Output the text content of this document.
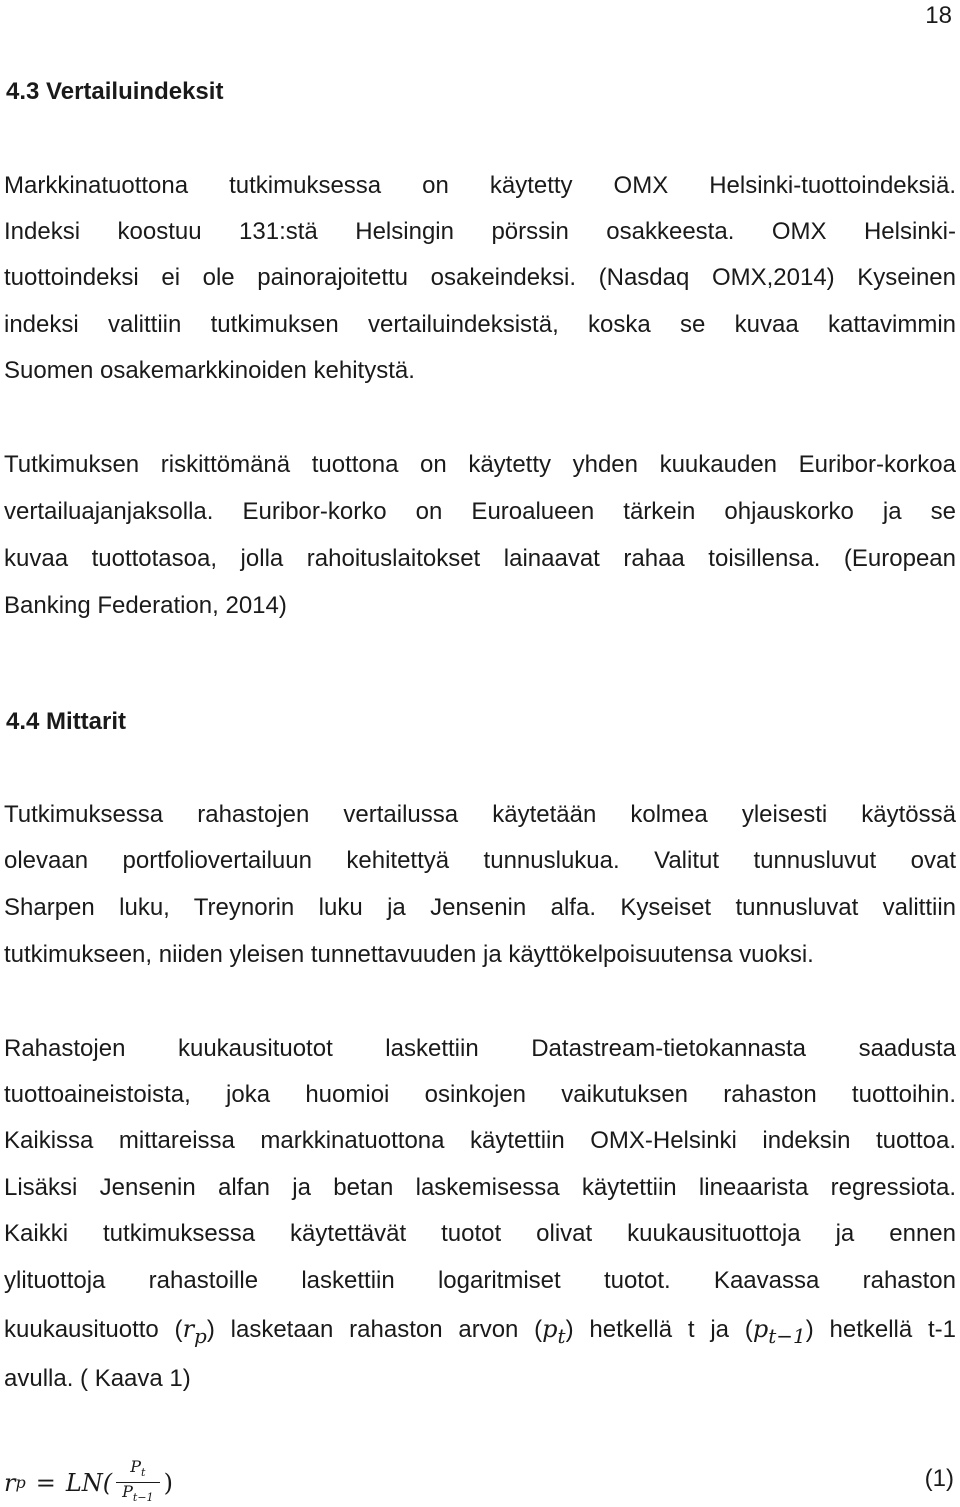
18
4.3 Vertailuindeksit
Markkinatuottona tutkimuksessa on käytetty OMX Helsinki-tuottoindeksiä.
Indeksi koostuu 131:stä Helsingin pörssin osakkeesta. OMX Helsinki-
tuottoindeksi ei ole painorajoitettu osakeindeksi. (Nasdaq OMX,2014) Kyseinen
indeksi valittiin tutkimuksen vertailuindeksistä, koska se kuvaa kattavimmin
Suomen osakemarkkinoiden kehitystä.
Tutkimuksen riskittömänä tuottona on käytetty yhden kuukauden Euribor-korkoa
vertailuajanjaksolla. Euribor-korko on Euroalueen tärkein ohjauskorko ja se
kuvaa tuottotasoa, jolla rahoituslaitokset lainaavat rahaa toisillensa. (European
Banking Federation, 2014)
4.4 Mittarit
Tutkimuksessa rahastojen vertailussa käytetään kolmea yleisesti käytössä
olevaan portfoliovertailuun kehitettyä tunnuslukua. Valitut tunnusluvut ovat
Sharpen luku, Treynorin luku ja Jensenin alfa. Kyseiset tunnusluvat valittiin
tutkimukseen, niiden yleisen tunnettavuuden ja käyttökelpoisuutensa vuoksi.
Rahastojen kuukausituotot laskettiin Datastream-tietokannasta saadusta
tuottoaineistoista, joka huomioi osinkojen vaikutuksen rahaston tuottoihin.
Kaikissa mittareissa markkinatuottona käytettiin OMX-Helsinki indeksin tuottoa.
Lisäksi Jensenin alfan ja betan laskemisessa käytettiin lineaarista regressiota.
Kaikki tutkimuksessa käytettävät tuotot olivat kuukausituottoja ja ennen
ylituottoja rahastoille laskettiin logaritmiset tuotot. Kaavassa rahaston
kuukausituotto $(r_p)$ lasketaan rahaston arvon $(p_t)$ hetkellä t ja $(p_{t-1})$ hetkellä t-1
avulla. ( Kaava 1)
r $p = LN( \frac{P_t}{P_{t-1}}$ )	(1)
